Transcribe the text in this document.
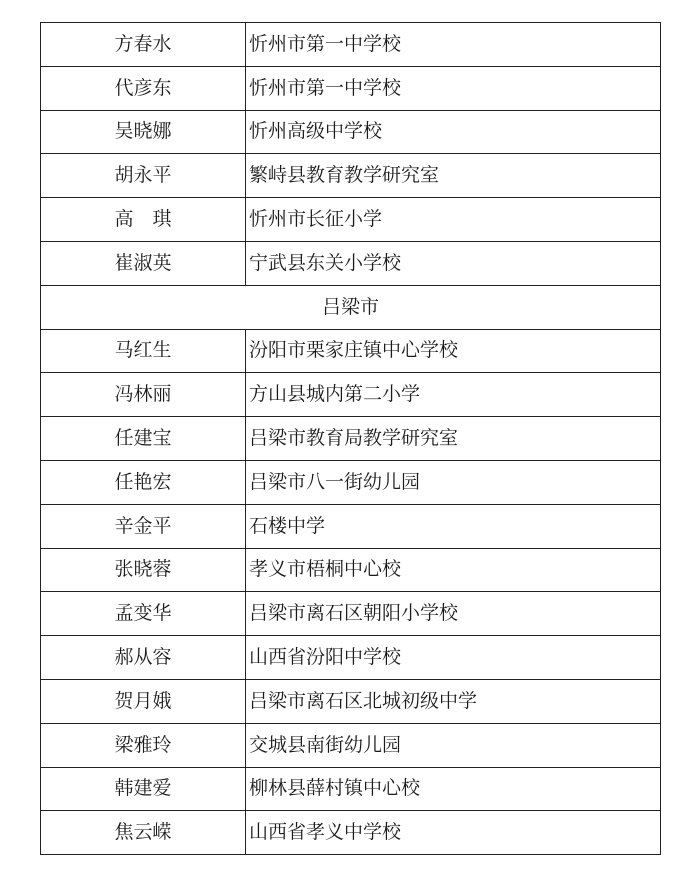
方春水	忻州市第一中学校
代彦东	忻州市第一中学校
吴晓娜	忻州高级中学校
胡永平	繁峙县教育教学研究室
高　琪	忻州市长征小学
崔淑英	宁武县东关小学校
吕梁市	
马红生	汾阳市栗家庄镇中心学校
冯林丽	方山县城内第二小学
任建宝	吕梁市教育局教学研究室
任艳宏	吕梁市八一街幼儿园
辛金平	石楼中学
张晓蓉	孝义市梧桐中心校
孟变华	吕梁市离石区朝阳小学校
郝从容	山西省汾阳中学校
贺月娥	吕梁市离石区北城初级中学
梁雅玲	交城县南街幼儿园
韩建爱	柳林县薛村镇中心校
焦云嵘	山西省孝义中学校
